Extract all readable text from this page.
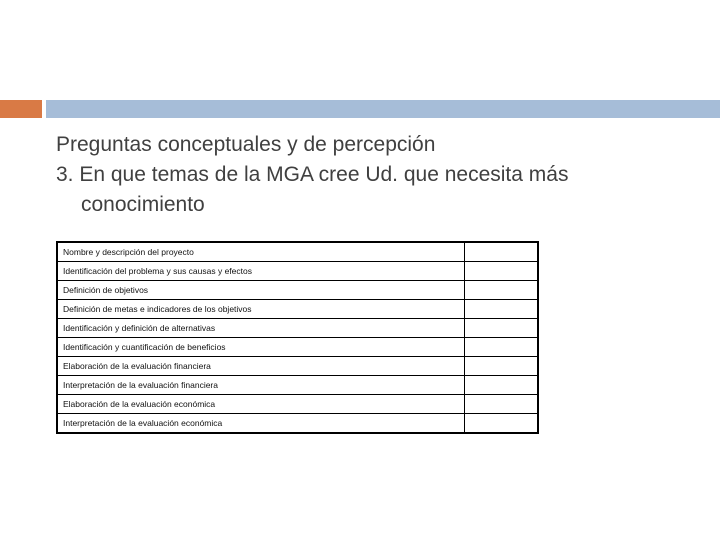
Preguntas conceptuales y de percepción

3. En que temas de la MGA cree Ud. que necesita más conocimiento

Nombre y descripción del proyecto	
Identificación del problema y sus causas y efectos	
Definición de objetivos	
Definición de metas e indicadores de los objetivos	
Identificación y definición de alternativas	
Identificación y cuantificación de beneficios	
Elaboración de la evaluación financiera	
Interpretación de la evaluación financiera	
Elaboración de la evaluación económica	
Interpretación de la evaluación económica	
